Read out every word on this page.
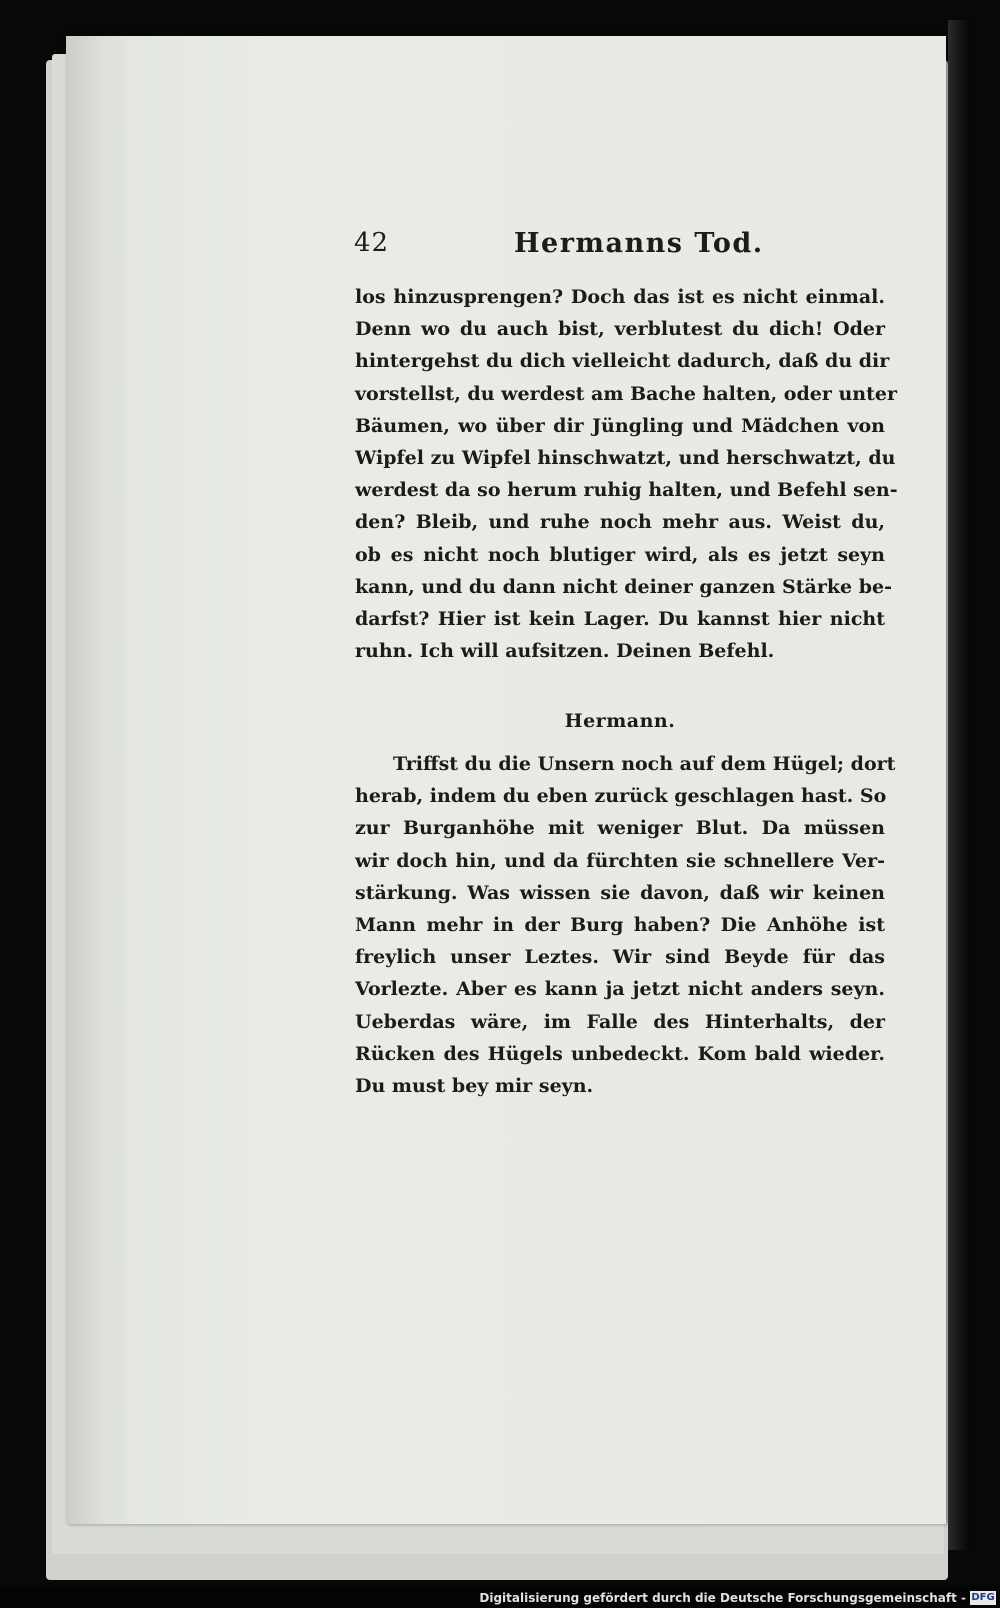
42	Hermanns Tod.
los hinzusprengen? Doch das ist es nicht einmal.
Denn wo du auch bist, verblutest du dich! Oder
hintergehst du dich vielleicht dadurch, daß du dir
vorstellst, du werdest am Bache halten, oder unter
Bäumen, wo über dir Jüngling und Mädchen von
Wipfel zu Wipfel hinschwatzt, und herschwatzt, du
werdest da so herum ruhig halten, und Befehl sen-
den? Bleib, und ruhe noch mehr aus. Weist du,
ob es nicht noch blutiger wird, als es jetzt seyn
kann, und du dann nicht deiner ganzen Stärke be-
darfst? Hier ist kein Lager. Du kannst hier nicht
ruhn. Ich will aufsitzen. Deinen Befehl.
Hermann.
Triffst du die Unsern noch auf dem Hügel; dort
herab, indem du eben zurück geschlagen hast. So
zur Burganhöhe mit weniger Blut. Da müssen
wir doch hin, und da fürchten sie schnellere Ver-
stärkung. Was wissen sie davon, daß wir keinen
Mann mehr in der Burg haben? Die Anhöhe ist
freylich unser Leztes. Wir sind Beyde für das
Vorlezte. Aber es kann ja jetzt nicht anders seyn.
Ueberdas wäre, im Falle des Hinterhalts, der
Rücken des Hügels unbedeckt. Kom bald wieder.
Du must bey mir seyn.
Digitalisierung gefördert durch die Deutsche Forschungsgemeinschaft - DFG
